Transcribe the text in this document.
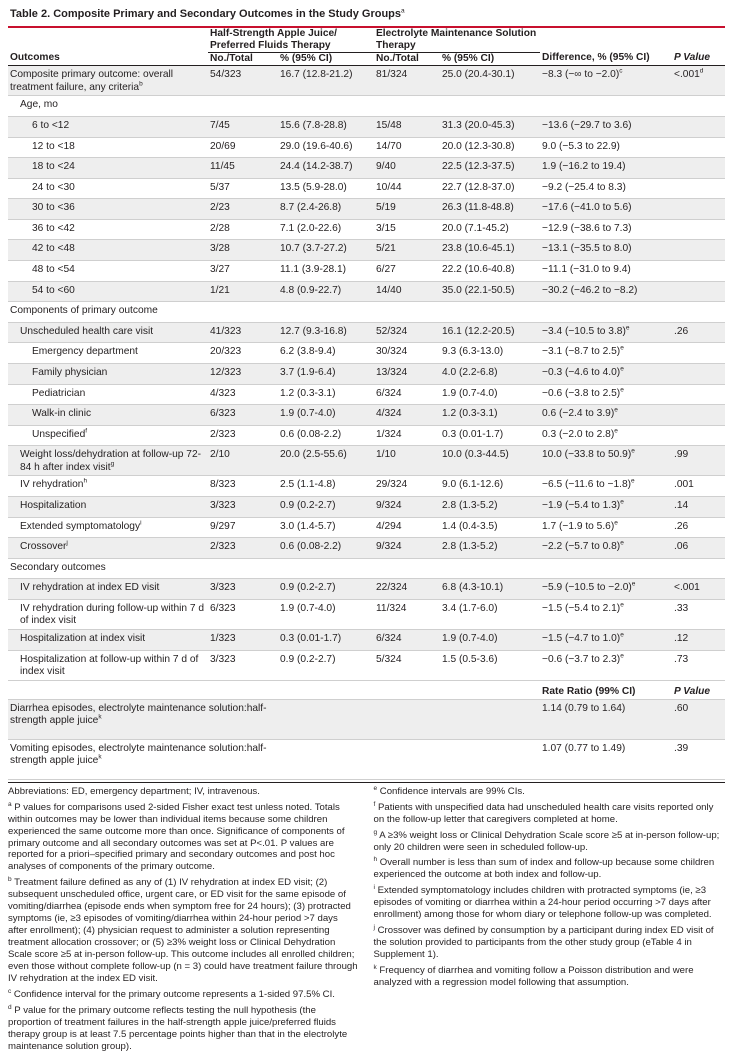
Table 2. Composite Primary and Secondary Outcomes in the Study Groups$^a$
	Half-Strength Apple Juice/ Preferred Fluids Therapy		Electrolyte Maintenance Solution Therapy			
Outcomes	No./Total	% (95% CI)	No./Total	% (95% CI)	Difference, % (95% CI)	P Value
Composite primary outcome: overall treatment failure, any criteria$^b$	54/323	16.7 (12.8-21.2)	81/324	25.0 (20.4-30.1)	−8.3 (−∞ to −2.0)$^c$	<.001$^d$
Age, mo						
6 to <12	7/45	15.6 (7.8-28.8)	15/48	31.3 (20.0-45.3)	−13.6 (−29.7 to 3.6)	
12 to <18	20/69	29.0 (19.6-40.6)	14/70	20.0 (12.3-30.8)	9.0 (−5.3 to 22.9)	
18 to <24	11/45	24.4 (14.2-38.7)	9/40	22.5 (12.3-37.5)	1.9 (−16.2 to 19.4)	
24 to <30	5/37	13.5 (5.9-28.0)	10/44	22.7 (12.8-37.0)	−9.2 (−25.4 to 8.3)	
30 to <36	2/23	8.7 (2.4-26.8)	5/19	26.3 (11.8-48.8)	−17.6 (−41.0 to 5.6)	
36 to <42	2/28	7.1 (2.0-22.6)	3/15	20.0 (7.1-45.2)	−12.9 (−38.6 to 7.3)	
42 to <48	3/28	10.7 (3.7-27.2)	5/21	23.8 (10.6-45.1)	−13.1 (−35.5 to 8.0)	
48 to <54	3/27	11.1 (3.9-28.1)	6/27	22.2 (10.6-40.8)	−11.1 (−31.0 to 9.4)	
54 to <60	1/21	4.8 (0.9-22.7)	14/40	35.0 (22.1-50.5)	−30.2 (−46.2 to −8.2)	
Components of primary outcome						
Unscheduled health care visit	41/323	12.7 (9.3-16.8)	52/324	16.1 (12.2-20.5)	−3.4 (−10.5 to 3.8)$^e$	.26
Emergency department	20/323	6.2 (3.8-9.4)	30/324	9.3 (6.3-13.0)	−3.1 (−8.7 to 2.5)$^e$	
Family physician	12/323	3.7 (1.9-6.4)	13/324	4.0 (2.2-6.8)	−0.3 (−4.6 to 4.0)$^e$	
Pediatrician	4/323	1.2 (0.3-3.1)	6/324	1.9 (0.7-4.0)	−0.6 (−3.8 to 2.5)$^e$	
Walk-in clinic	6/323	1.9 (0.7-4.0)	4/324	1.2 (0.3-3.1)	0.6 (−2.4 to 3.9)$^e$	
Unspecified$^f$	2/323	0.6 (0.08-2.2)	1/324	0.3 (0.01-1.7)	0.3 (−2.0 to 2.8)$^e$	
Weight loss/dehydration at follow-up 72-84 h after index visit$^g$	2/10	20.0 (2.5-55.6)	1/10	10.0 (0.3-44.5)	10.0 (−33.8 to 50.9)$^e$	.99
IV rehydration$^h$	8/323	2.5 (1.1-4.8)	29/324	9.0 (6.1-12.6)	−6.5 (−11.6 to −1.8)$^e$	.001
Hospitalization	3/323	0.9 (0.2-2.7)	9/324	2.8 (1.3-5.2)	−1.9 (−5.4 to 1.3)$^e$	.14
Extended symptomatology$^i$	9/297	3.0 (1.4-5.7)	4/294	1.4 (0.4-3.5)	1.7 (−1.9 to 5.6)$^e$	.26
Crossover$^j$	2/323	0.6 (0.08-2.2)	9/324	2.8 (1.3-5.2)	−2.2 (−5.7 to 0.8)$^e$	.06
Secondary outcomes						
IV rehydration at index ED visit	3/323	0.9 (0.2-2.7)	22/324	6.8 (4.3-10.1)	−5.9 (−10.5 to −2.0)$^e$	<.001
IV rehydration during follow-up within 7 d of index visit	6/323	1.9 (0.7-4.0)	11/324	3.4 (1.7-6.0)	−1.5 (−5.4 to 2.1)$^e$	.33
Hospitalization at index visit	1/323	0.3 (0.01-1.7)	6/324	1.9 (0.7-4.0)	−1.5 (−4.7 to 1.0)$^e$	.12
Hospitalization at follow-up within 7 d of index visit	3/323	0.9 (0.2-2.7)	5/324	1.5 (0.5-3.6)	−0.6 (−3.7 to 2.3)$^e$	.73
					Rate Ratio (99% CI)	P Value
Diarrhea episodes, electrolyte maintenance solution:half-strength apple juice$^k$					1.14 (0.79 to 1.64)	.60
Vomiting episodes, electrolyte maintenance solution:half-strength apple juice$^k$					1.07 (0.77 to 1.49)	.39
Abbreviations: ED, emergency department; IV, intravenous.
$^a$ P values for comparisons used 2-sided Fisher exact test unless noted. Totals within outcomes may be lower than individual items because some children experienced the same outcome more than once. Significance of components of primary outcome and all secondary outcomes was set at P<.01. P values are reported for a priori–specified primary and secondary outcomes and post hoc analyses of components of the primary outcome.
$^b$ Treatment failure defined as any of (1) IV rehydration at index ED visit; (2) subsequent unscheduled office, urgent care, or ED visit for the same episode of vomiting/diarrhea (episode ends when symptom free for 24 hours); (3) protracted symptoms (ie, ≥3 episodes of vomiting/diarrhea within 24-hour period >7 days after enrollment); (4) physician request to administer a solution representing treatment allocation crossover; or (5) ≥3% weight loss or Clinical Dehydration Scale score ≥5 at in-person follow-up. This outcome includes all enrolled children; even those without complete follow-up (n = 3) could have treatment failure through IV rehydration at the index ED visit.
$^c$ Confidence interval for the primary outcome represents a 1-sided 97.5% CI.
$^d$ P value for the primary outcome reflects testing the null hypothesis (the proportion of treatment failures in the half-strength apple juice/preferred fluids therapy group is at least 7.5 percentage points higher than that in the electrolyte maintenance solution group).
$^e$ Confidence intervals are 99% CIs.
$^f$ Patients with unspecified data had unscheduled health care visits reported only on the follow-up letter that caregivers completed at home.
$^g$ A ≥3% weight loss or Clinical Dehydration Scale score ≥5 at in-person follow-up; only 20 children were seen in scheduled follow-up.
$^h$ Overall number is less than sum of index and follow-up because some children experienced the outcome at both index and follow-up.
$^i$ Extended symptomatology includes children with protracted symptoms (ie, ≥3 episodes of vomiting or diarrhea within a 24-hour period occurring >7 days after enrollment) among those for whom diary or telephone follow-up was completed.
$^j$ Crossover was defined by consumption by a participant during index ED visit of the solution provided to participants from the other study group (eTable 4 in Supplement 1).
$^k$ Frequency of diarrhea and vomiting follow a Poisson distribution and were analyzed with a regression model following that assumption.
